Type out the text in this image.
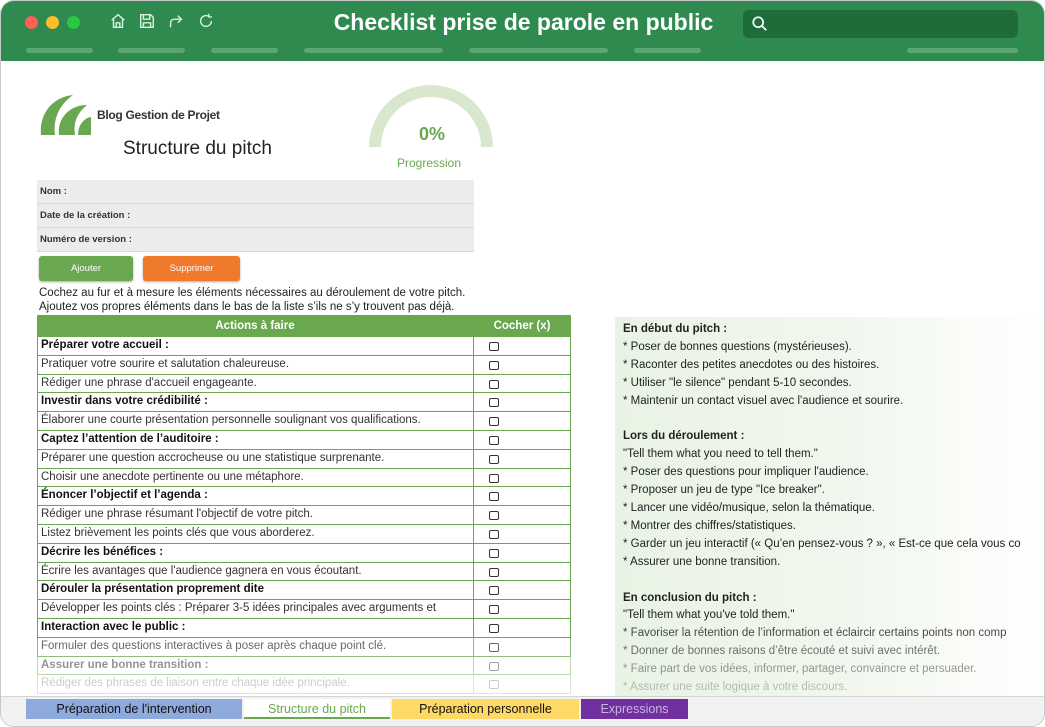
Checklist prise de parole en public
Blog Gestion de Projet
Structure du pitch
0%
Progression
Nom :
Date de la création :
Numéro de version :
Ajouter	Supprimer
Cochez au fur et à mesure les éléments nécessaires au déroulement de votre pitch.
Ajoutez vos propres éléments dans le bas de la liste s’ils ne s’y trouvent pas déjà.
Actions à faire	Cocher (x)
Préparer votre accueil :
Pratiquer votre sourire et salutation chaleureuse.
Rédiger une phrase d'accueil engageante.
Investir dans votre crédibilité :
Élaborer une courte présentation personnelle soulignant vos qualifications.
Captez l’attention de l’auditoire :
Préparer une question accrocheuse ou une statistique surprenante.
Choisir une anecdote pertinente ou une métaphore.
Énoncer l’objectif et l’agenda :
Rédiger une phrase résumant l'objectif de votre pitch.
Listez brièvement les points clés que vous aborderez.
Décrire les bénéfices :
Écrire les avantages que l'audience gagnera en vous écoutant.
Dérouler la présentation proprement dite
Développer les points clés : Préparer 3-5 idées principales avec arguments et
Interaction avec le public :
Formuler des questions interactives à poser après chaque point clé.
Assurer une bonne transition :
Rédiger des phrases de liaison entre chaque idée principale.
En début du pitch :
* Poser de bonnes questions (mystérieuses).
* Raconter des petites anecdotes ou des histoires.
* Utiliser "le silence" pendant 5-10 secondes.
* Maintenir un contact visuel avec l'audience et sourire.
Lors du déroulement :
"Tell them what you need to tell them."
* Poser des questions pour impliquer l'audience.
* Proposer un jeu de type "Ice breaker".
* Lancer une vidéo/musique, selon la thématique.
* Montrer des chiffres/statistiques.
* Garder un jeu interactif (« Qu’en pensez-vous ? », « Est-ce que cela vous co
* Assurer une bonne transition.
En conclusion du pitch :
"Tell them what you've told them."
* Favoriser la rétention de l’information et éclaircir certains points non comp
* Donner de bonnes raisons d’être écouté et suivi avec intérêt.
* Faire part de vos idées, informer, partager, convaincre et persuader.
* Assurer une suite logique à votre discours.
Préparation de l'intervention	Structure du pitch	Préparation personnelle	Expressions
